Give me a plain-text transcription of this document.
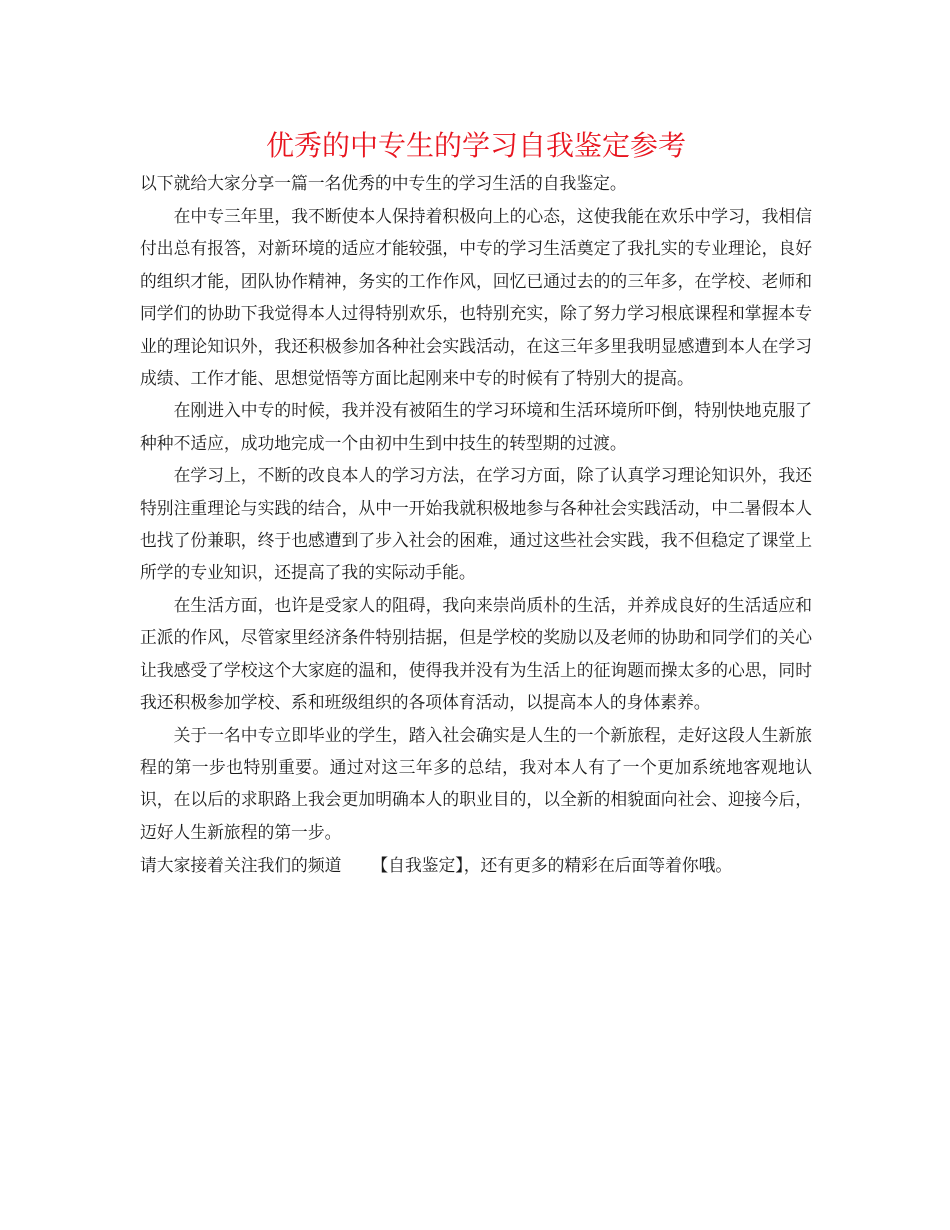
优秀的中专生的学习自我鉴定参考

以下就给大家分享一篇一名优秀的中专生的学习生活的自我鉴定。

在中专三年里，我不断使本人保持着积极向上的心态，这使我能在欢乐中学习，我相信付出总有报答，对新环境的适应才能较强，中专的学习生活奠定了我扎实的专业理论，良好的组织才能，团队协作精神，务实的工作作风，回忆已通过去的的三年多，在学校、老师和同学们的协助下我觉得本人过得特别欢乐，也特别充实，除了努力学习根底课程和掌握本专业的理论知识外，我还积极参加各种社会实践活动，在这三年多里我明显感遭到本人在学习成绩、工作才能、思想觉悟等方面比起刚来中专的时候有了特别大的提高。

在刚进入中专的时候，我并没有被陌生的学习环境和生活环境所吓倒，特别快地克服了种种不适应，成功地完成一个由初中生到中技生的转型期的过渡。

在学习上，不断的改良本人的学习方法，在学习方面，除了认真学习理论知识外，我还特别注重理论与实践的结合，从中一开始我就积极地参与各种社会实践活动，中二暑假本人也找了份兼职，终于也感遭到了步入社会的困难，通过这些社会实践，我不但稳定了课堂上所学的专业知识，还提高了我的实际动手能。

在生活方面，也许是受家人的阻碍，我向来崇尚质朴的生活，并养成良好的生活适应和正派的作风，尽管家里经济条件特别拮据，但是学校的奖励以及老师的协助和同学们的关心让我感受了学校这个大家庭的温和，使得我并没有为生活上的征询题而操太多的心思，同时我还积极参加学校、系和班级组织的各项体育活动，以提高本人的身体素养。

关于一名中专立即毕业的学生，踏入社会确实是人生的一个新旅程，走好这段人生新旅程的第一步也特别重要。通过对这三年多的总结，我对本人有了一个更加系统地客观地认识，在以后的求职路上我会更加明确本人的职业目的，以全新的相貌面向社会、迎接今后，迈好人生新旅程的第一步。

请大家接着关注我们的频道 【自我鉴定】，还有更多的精彩在后面等着你哦。
